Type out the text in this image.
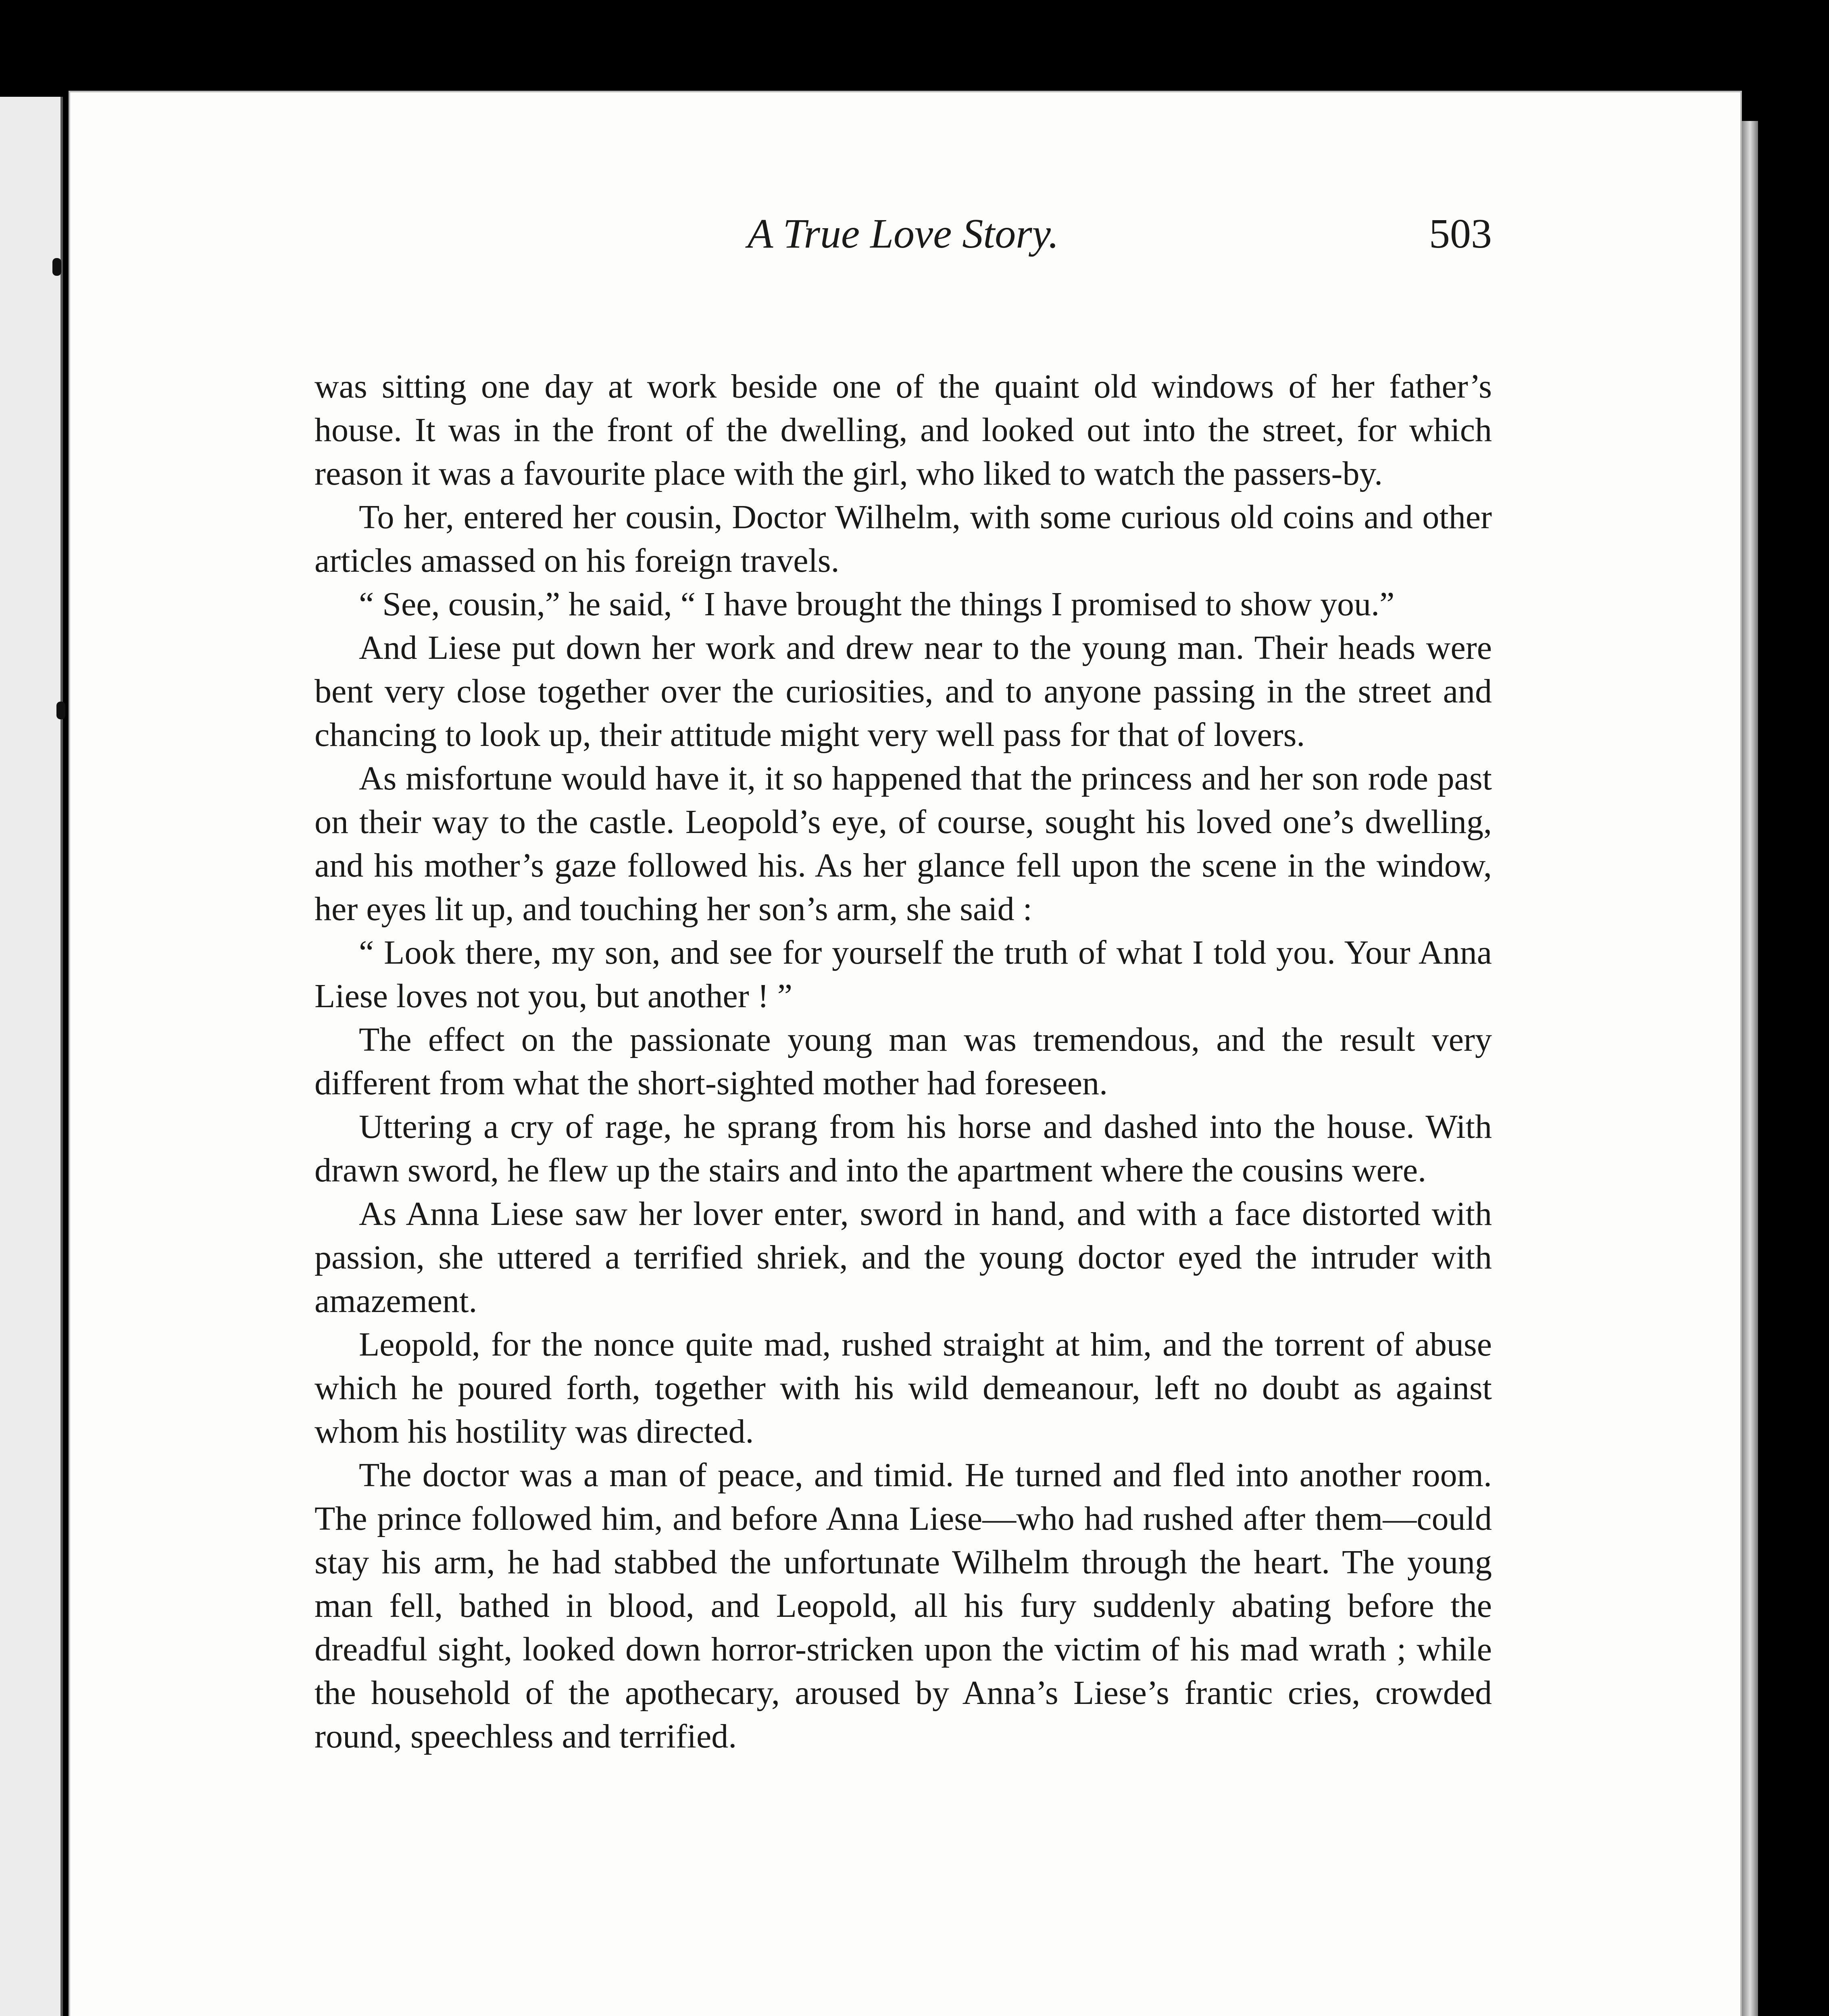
A True Love Story.	503

was sitting one day at work beside one of the quaint old windows of her father’s house. It was in the front of the dwelling, and looked out into the street, for which reason it was a favourite place with the girl, who liked to watch the passers-by.

To her, entered her cousin, Doctor Wilhelm, with some curious old coins and other articles amassed on his foreign travels.

“ See, cousin,” he said, “ I have brought the things I promised to show you.”

And Liese put down her work and drew near to the young man. Their heads were bent very close together over the curiosities, and to anyone passing in the street and chancing to look up, their attitude might very well pass for that of lovers.

As misfortune would have it, it so happened that the princess and her son rode past on their way to the castle. Leopold’s eye, of course, sought his loved one’s dwelling, and his mother’s gaze followed his. As her glance fell upon the scene in the window, her eyes lit up, and touching her son’s arm, she said :

“ Look there, my son, and see for yourself the truth of what I told you. Your Anna Liese loves not you, but another ! ”

The effect on the passionate young man was tremendous, and the result very different from what the short-sighted mother had foreseen.

Uttering a cry of rage, he sprang from his horse and dashed into the house. With drawn sword, he flew up the stairs and into the apartment where the cousins were.

As Anna Liese saw her lover enter, sword in hand, and with a face distorted with passion, she uttered a terrified shriek, and the young doctor eyed the intruder with amazement.

Leopold, for the nonce quite mad, rushed straight at him, and the torrent of abuse which he poured forth, together with his wild demeanour, left no doubt as against whom his hostility was directed.

The doctor was a man of peace, and timid. He turned and fled into another room. The prince followed him, and before Anna Liese—who had rushed after them—could stay his arm, he had stabbed the unfortunate Wilhelm through the heart. The young man fell, bathed in blood, and Leopold, all his fury suddenly abating before the dreadful sight, looked down horror-stricken upon the victim of his mad wrath ; while the household of the apothecary, aroused by Anna’s Liese’s frantic cries, crowded round, speechless and terrified.
